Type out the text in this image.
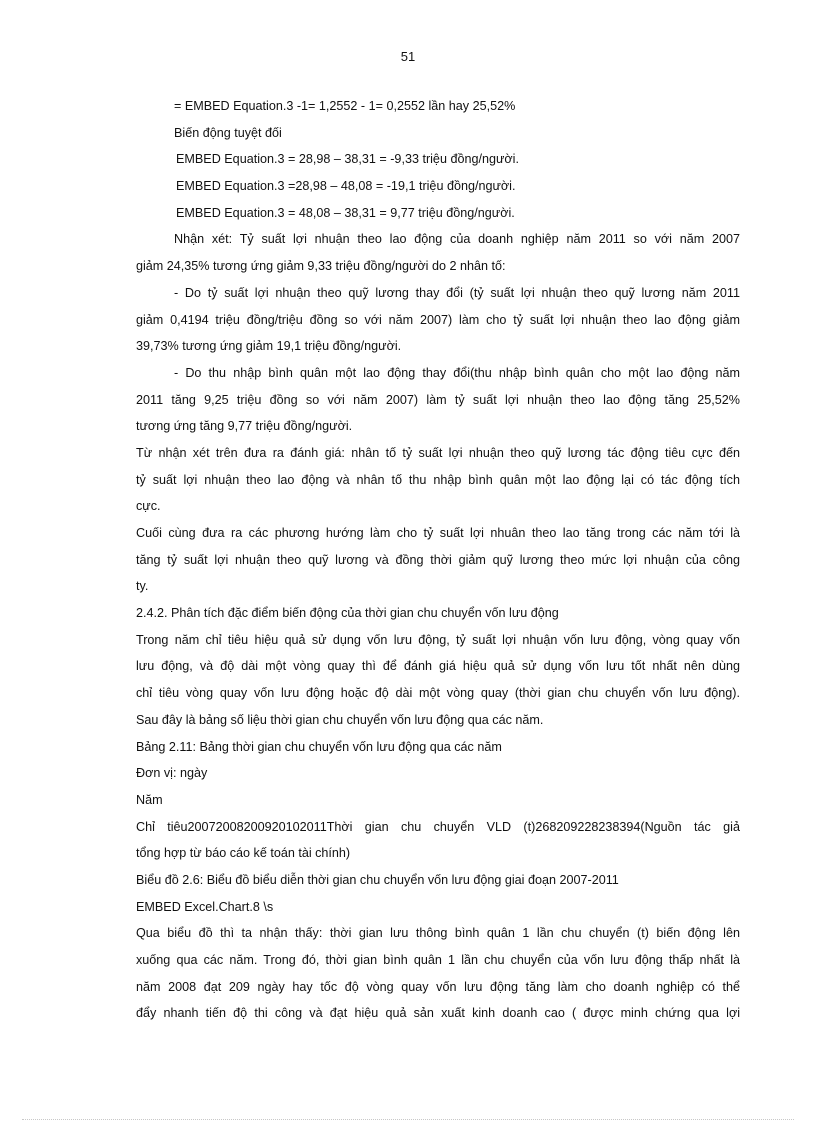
51
= EMBED Equation.3 -1= 1,2552 - 1= 0,2552 lần hay 25,52%
Biến động tuyệt đối
EMBED Equation.3 = 28,98 – 38,31 = -9,33 triệu đồng/người.
EMBED Equation.3 =28,98 – 48,08 = -19,1 triệu đồng/người.
EMBED Equation.3 = 48,08 – 38,31 = 9,77 triệu đồng/người.
Nhận xét: Tỷ suất lợi nhuận theo lao động của doanh nghiệp năm 2011 so với năm 2007
giảm 24,35% tương ứng giảm 9,33 triệu đồng/người do 2 nhân tố:
- Do tỷ suất lợi nhuận theo quỹ lương thay đổi (tỷ suất lợi nhuận theo quỹ lương năm 2011
giảm 0,4194 triệu đồng/triệu đồng so với năm 2007) làm cho tỷ suất lợi nhuận theo lao động giảm
39,73% tương ứng giảm 19,1 triệu đồng/người.
- Do thu nhập bình quân một lao động thay đổi(thu nhập bình quân cho một lao động năm
2011 tăng 9,25 triệu đồng so với năm 2007) làm tỷ suất lợi nhuận theo lao động tăng 25,52%
tương ứng tăng 9,77 triệu đồng/người.
Từ nhận xét trên đưa ra đánh giá: nhân tố tỷ suất lợi nhuận theo quỹ lương tác động tiêu cực đến
tỷ suất lợi nhuận theo lao động và nhân tố thu nhập bình quân một lao động lại có tác động tích
cực.
Cuối cùng đưa ra các phương hướng làm cho tỷ suất lợi nhuân theo lao tăng trong các năm tới là
tăng tỷ suất lợi nhuận theo quỹ lương và đồng thời giảm quỹ lương theo mức lợi nhuận của công
ty.
2.4.2. Phân tích đặc điểm biến động của thời gian chu chuyển vốn lưu động
Trong năm chỉ tiêu hiệu quả sử dụng vốn lưu động, tỷ suất lợi nhuận vốn lưu động, vòng quay vốn
lưu động, và độ dài một vòng quay thì để đánh giá hiệu quả sử dụng vốn lưu tốt nhất nên dùng
chỉ tiêu vòng quay vốn lưu động hoặc độ dài một vòng quay (thời gian chu chuyển vốn lưu động).
Sau đây là bảng số liệu thời gian chu chuyển vốn lưu động qua các năm.
Bảng 2.11: Bảng thời gian chu chuyển vốn lưu động qua các năm
Đơn vị: ngày
Năm
Chỉ tiêu20072008200920102011Thời gian chu chuyển VLD (t)268209228238394(Nguồn tác giả
tổng hợp từ báo cáo kế toán tài chính)
Biểu đồ 2.6: Biểu đồ biểu diễn thời gian chu chuyển vốn lưu động giai đoạn 2007-2011
EMBED Excel.Chart.8 \s
Qua biểu đồ thì ta nhận thấy: thời gian lưu thông bình quân 1 lần chu chuyển (t) biến động lên
xuống qua các năm. Trong đó, thời gian bình quân 1 lần chu chuyển của vốn lưu động thấp nhất là
năm 2008 đạt 209 ngày hay tốc độ vòng quay vốn lưu động tăng làm cho doanh nghiệp có thể
đẩy nhanh tiến độ thi công và đạt hiệu quả sản xuất kinh doanh cao ( được minh chứng qua lợi
